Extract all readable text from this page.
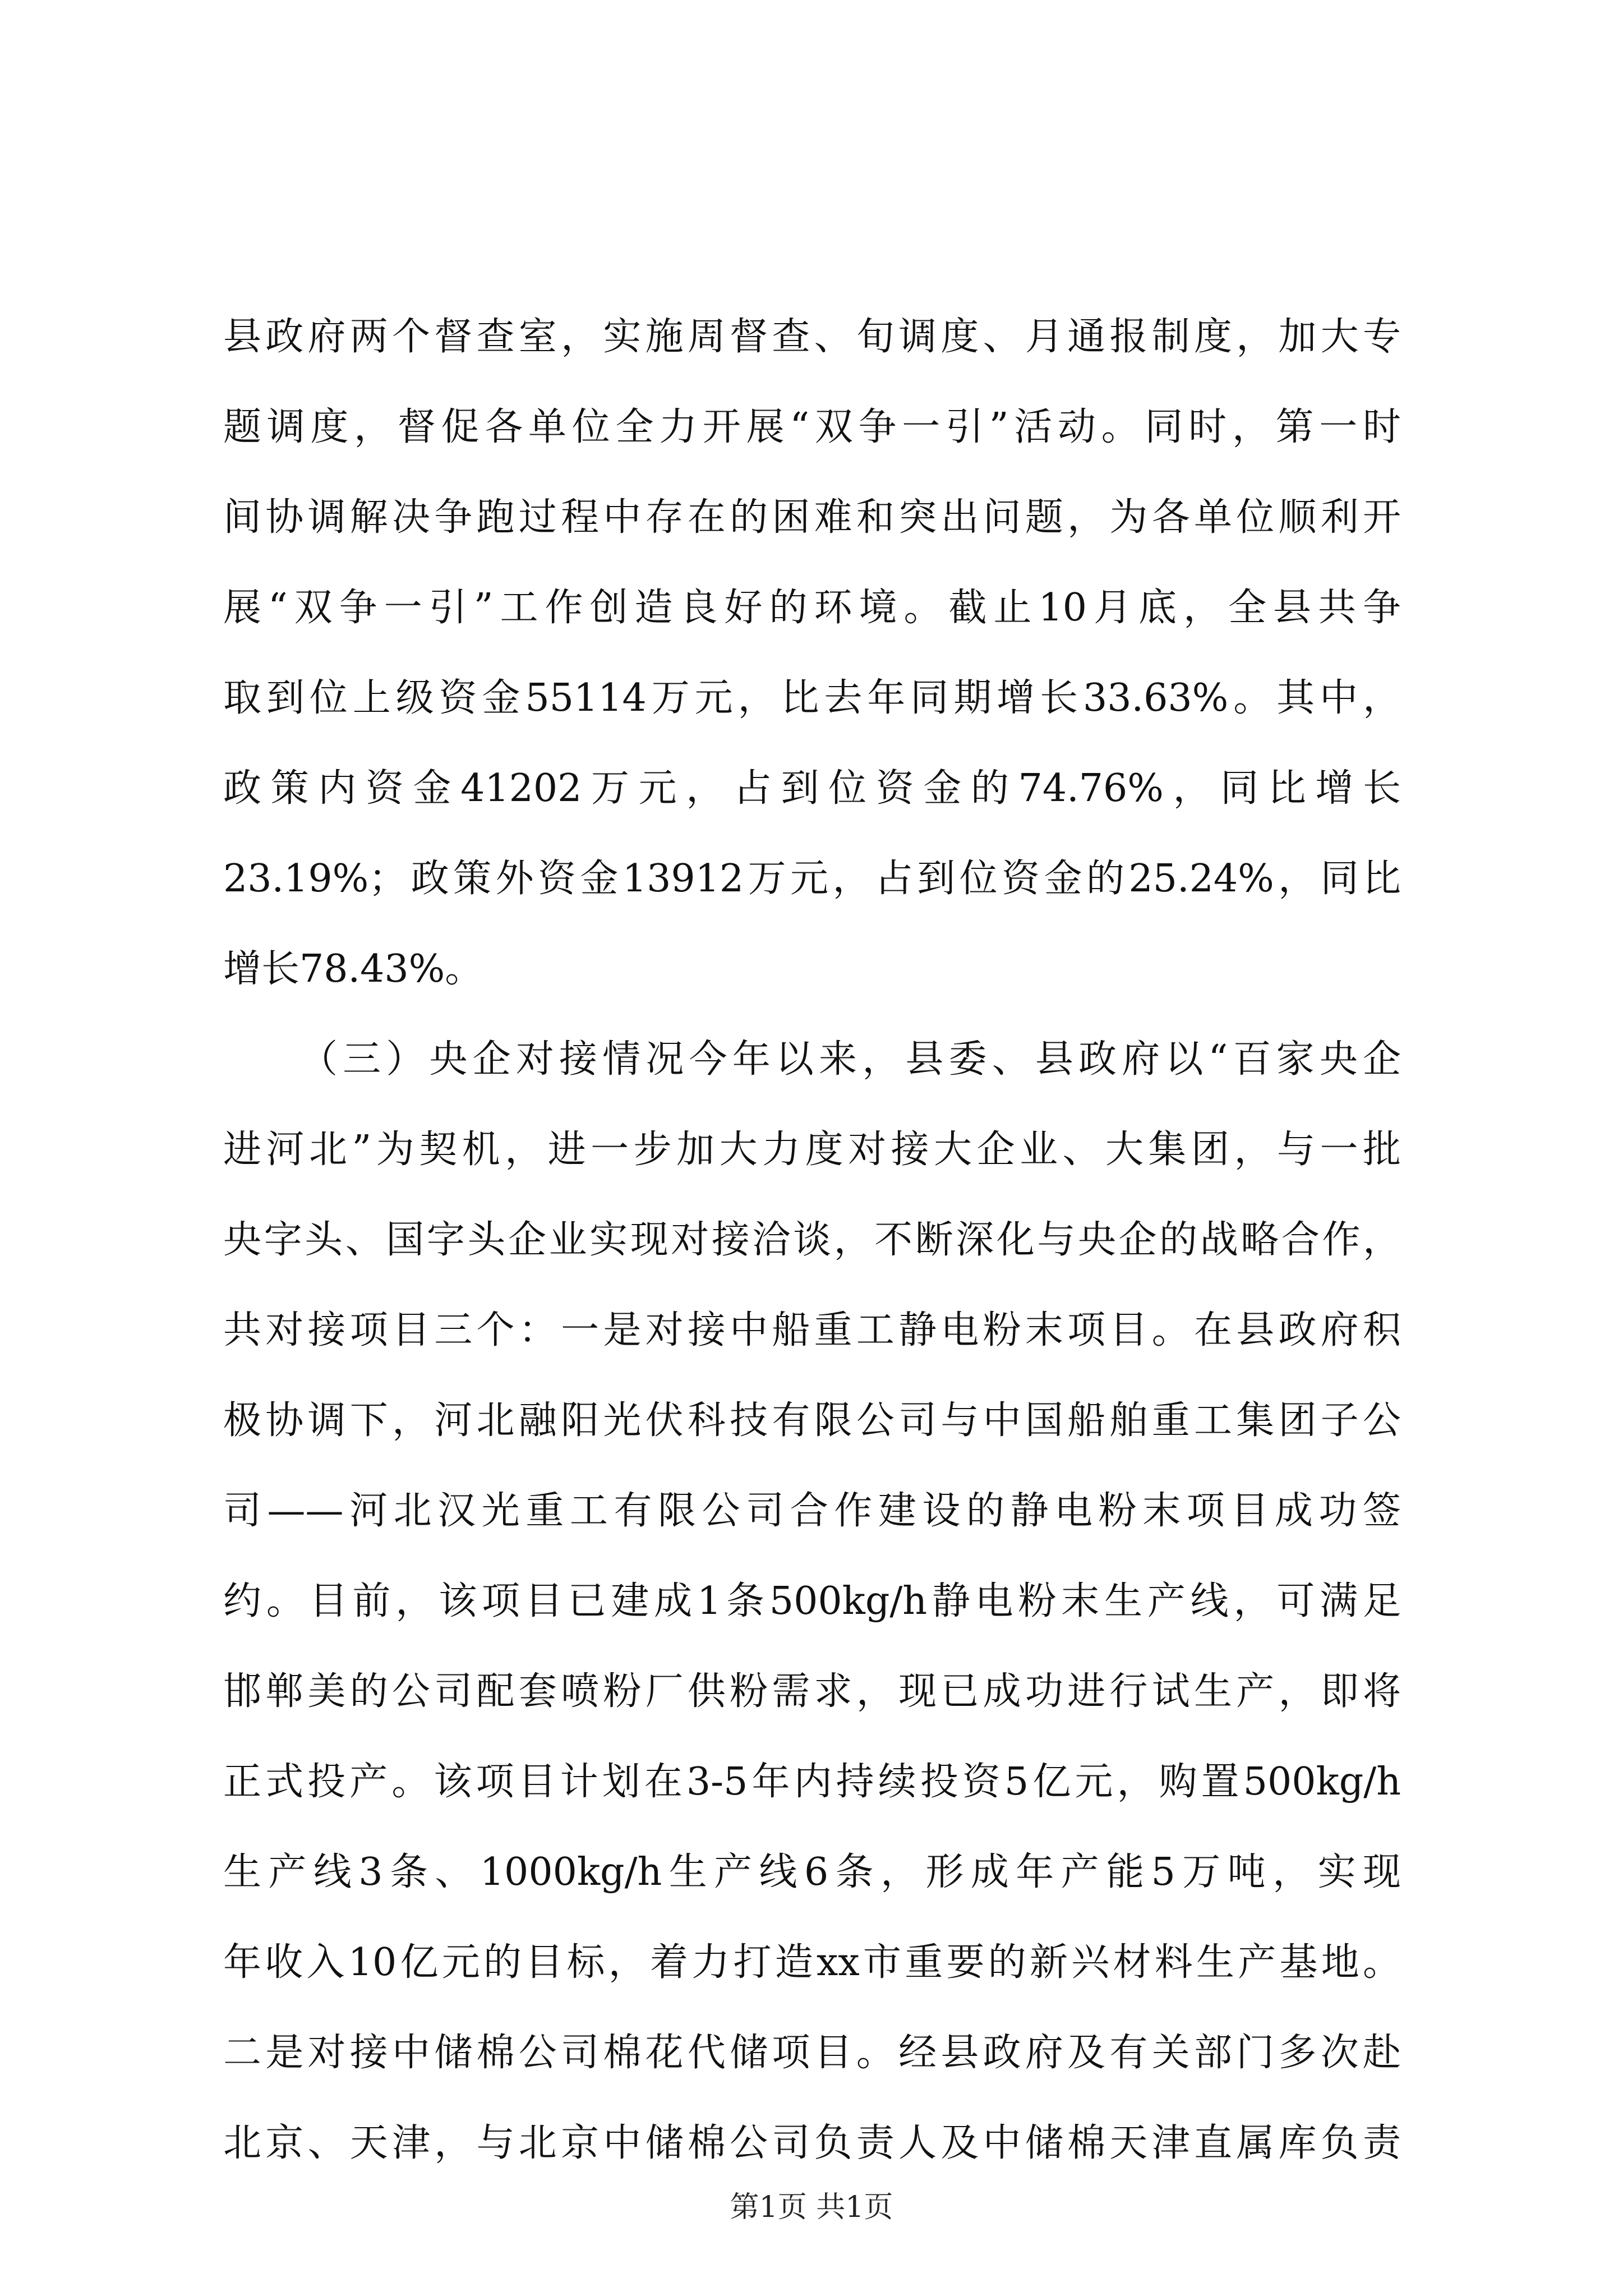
县政府两个督查室，实施周督查、旬调度、月通报制度，加大专
题调度，督促各单位全力开展“双争一引”活动。同时，第一时
间协调解决争跑过程中存在的困难和突出问题，为各单位顺利开
展“双争一引”工作创造良好的环境。截止10月底，全县共争
取到位上级资金55114万元，比去年同期增长33.63%。其中，
政策内资金41202万元，占到位资金的74.76%，同比增长
23.19%；政策外资金13912万元，占到位资金的25.24%，同比
增长78.43%。
（三）央企对接情况今年以来，县委、县政府以“百家央企
进河北”为契机，进一步加大力度对接大企业、大集团，与一批
央字头、国字头企业实现对接洽谈，不断深化与央企的战略合作，
共对接项目三个：一是对接中船重工静电粉末项目。在县政府积
极协调下，河北融阳光伏科技有限公司与中国船舶重工集团子公
司——河北汉光重工有限公司合作建设的静电粉末项目成功签
约。目前，该项目已建成1条500kg/h静电粉末生产线，可满足
邯郸美的公司配套喷粉厂供粉需求，现已成功进行试生产，即将
正式投产。该项目计划在3-5年内持续投资5亿元，购置500kg/h
生产线3条、1000kg/h生产线6条，形成年产能5万吨，实现
年收入10亿元的目标，着力打造xx市重要的新兴材料生产基地。
二是对接中储棉公司棉花代储项目。经县政府及有关部门多次赴
北京、天津，与北京中储棉公司负责人及中储棉天津直属库负责
第1页 共1页
